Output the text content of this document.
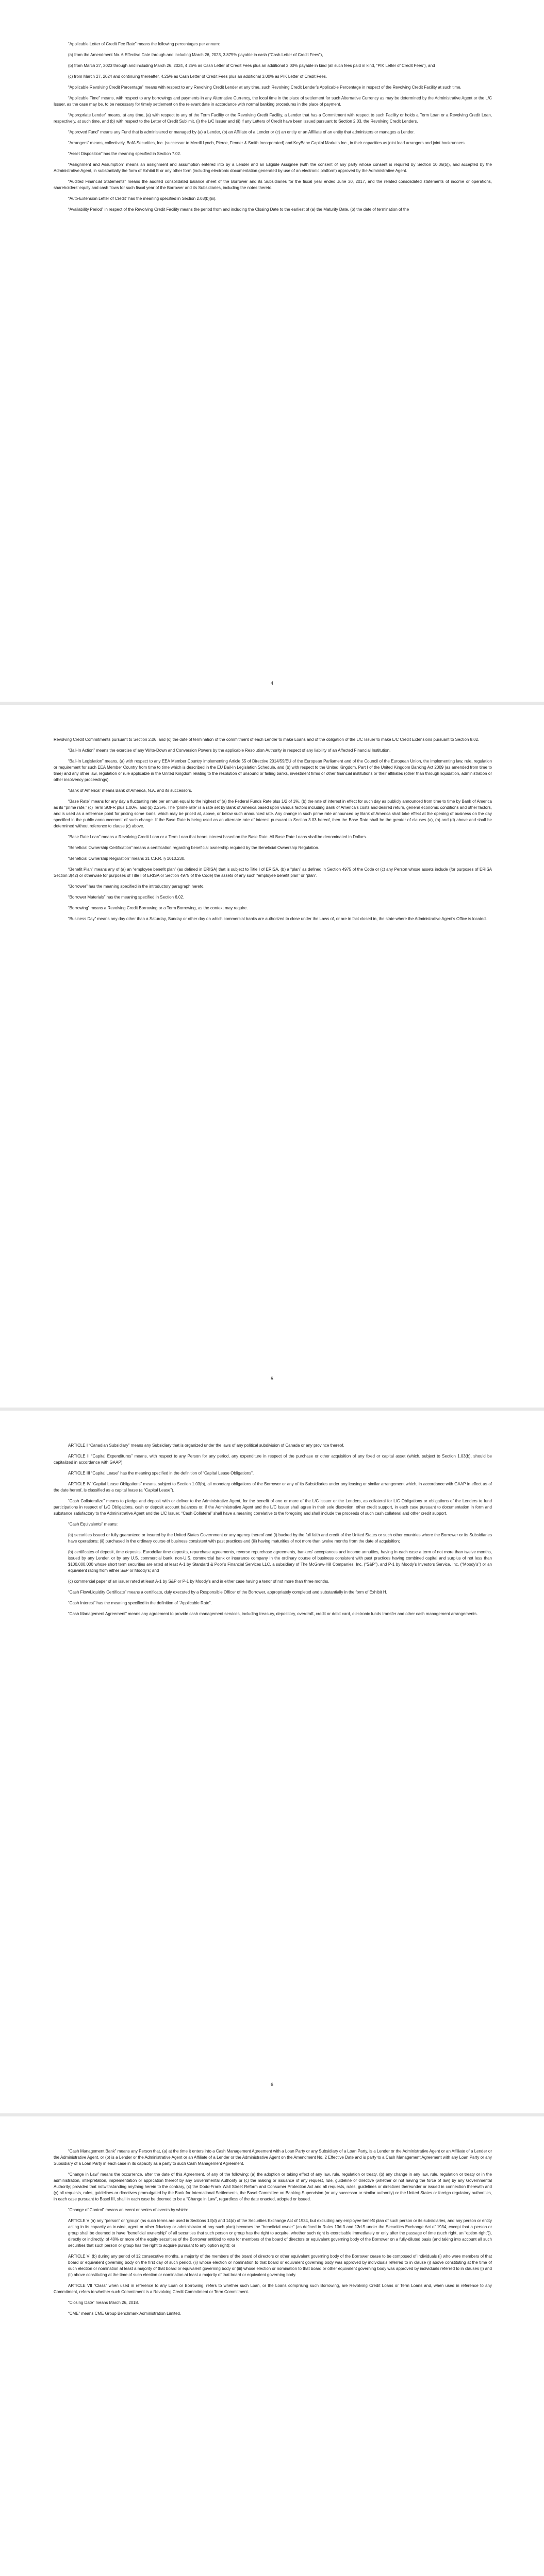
“Applicable Letter of Credit Fee Rate” means the following percentages per annum:

(a) from the Amendment No. 6 Effective Date through and including March 26, 2023, 3.875% payable in cash (“Cash Letter of Credit Fees”),

(b) from March 27, 2023 through and including March 26, 2024, 4.25% as Cash Letter of Credit Fees plus an additional 2.00% payable in kind (all such fees paid in kind, “PIK Letter of Credit Fees”), and

(c) from March 27, 2024 and continuing thereafter, 4.25% as Cash Letter of Credit Fees plus an additional 3.00% as PIK Letter of Credit Fees.

“Applicable Revolving Credit Percentage” means with respect to any Revolving Credit Lender at any time, such Revolving Credit Lender’s Applicable Percentage in respect of the Revolving Credit Facility at such time.

“Applicable Time” means, with respect to any borrowings and payments in any Alternative Currency, the local time in the place of settlement for such Alternative Currency as may be determined by the Administrative Agent or the L/C Issuer, as the case may be, to be necessary for timely settlement on the relevant date in accordance with normal banking procedures in the place of payment.

“Appropriate Lender” means, at any time, (a) with respect to any of the Term Facility or the Revolving Credit Facility, a Lender that has a Commitment with respect to such Facility or holds a Term Loan or a Revolving Credit Loan, respectively, at such time, and (b) with respect to the Letter of Credit Sublimit, (i) the L/C Issuer and (ii) if any Letters of Credit have been issued pursuant to Section 2.03, the Revolving Credit Lenders.

“Approved Fund” means any Fund that is administered or managed by (a) a Lender, (b) an Affiliate of a Lender or (c) an entity or an Affiliate of an entity that administers or manages a Lender.

“Arrangers” means, collectively, BofA Securities, Inc. (successor to Merrill Lynch, Pierce, Fenner & Smith Incorporated) and KeyBanc Capital Markets Inc., in their capacities as joint lead arrangers and joint bookrunners.

“Asset Disposition” has the meaning specified in Section 7.02.

“Assignment and Assumption” means an assignment and assumption entered into by a Lender and an Eligible Assignee (with the consent of any party whose consent is required by Section 10.06(b)), and accepted by the Administrative Agent, in substantially the form of Exhibit E or any other form (including electronic documentation generated by use of an electronic platform) approved by the Administrative Agent.

“Audited Financial Statements” means the audited consolidated balance sheet of the Borrower and its Subsidiaries for the fiscal year ended June 30, 2017, and the related consolidated statements of income or operations, shareholders’ equity and cash flows for such fiscal year of the Borrower and its Subsidiaries, including the notes thereto.

“Auto-Extension Letter of Credit” has the meaning specified in Section 2.03(b)(iii).

“Availability Period” in respect of the Revolving Credit Facility means the period from and including the Closing Date to the earliest of (a) the Maturity Date, (b) the date of termination of the

4

Revolving Credit Commitments pursuant to Section 2.06, and (c) the date of termination of the commitment of each Lender to make Loans and of the obligation of the L/C Issuer to make L/C Credit Extensions pursuant to Section 8.02.

“Bail-In Action” means the exercise of any Write-Down and Conversion Powers by the applicable Resolution Authority in respect of any liability of an Affected Financial Institution.

“Bail-In Legislation” means, (a) with respect to any EEA Member Country implementing Article 55 of Directive 2014/59/EU of the European Parliament and of the Council of the European Union, the implementing law, rule, regulation or requirement for such EEA Member Country from time to time which is described in the EU Bail-In Legislation Schedule, and (b) with respect to the United Kingdom, Part I of the United Kingdom Banking Act 2009 (as amended from time to time) and any other law, regulation or rule applicable in the United Kingdom relating to the resolution of unsound or failing banks, investment firms or other financial institutions or their affiliates (other than through liquidation, administration or other insolvency proceedings).

“Bank of America” means Bank of America, N.A. and its successors.

“Base Rate” means for any day a fluctuating rate per annum equal to the highest of (a) the Federal Funds Rate plus 1/2 of 1%, (b) the rate of interest in effect for such day as publicly announced from time to time by Bank of America as its “prime rate,” (c) Term SOFR plus 1.00%, and (d) 2.25%. The “prime rate” is a rate set by Bank of America based upon various factors including Bank of America’s costs and desired return, general economic conditions and other factors, and is used as a reference point for pricing some loans, which may be priced at, above, or below such announced rate. Any change in such prime rate announced by Bank of America shall take effect at the opening of business on the day specified in the public announcement of such change. If the Base Rate is being used as an alternate rate of interest pursuant to Section 3.03 hereof, then the Base Rate shall be the greater of clauses (a), (b) and (d) above and shall be determined without reference to clause (c) above.

“Base Rate Loan” means a Revolving Credit Loan or a Term Loan that bears interest based on the Base Rate. All Base Rate Loans shall be denominated in Dollars.

“Beneficial Ownership Certification” means a certification regarding beneficial ownership required by the Beneficial Ownership Regulation.

“Beneficial Ownership Regulation” means 31 C.F.R. § 1010.230.

“Benefit Plan” means any of (a) an “employee benefit plan” (as defined in ERISA) that is subject to Title I of ERISA, (b) a “plan” as defined in Section 4975 of the Code or (c) any Person whose assets include (for purposes of ERISA Section 3(42) or otherwise for purposes of Title I of ERISA or Section 4975 of the Code) the assets of any such “employee benefit plan” or “plan”.

“Borrower” has the meaning specified in the introductory paragraph hereto.

“Borrower Materials” has the meaning specified in Section 6.02.

“Borrowing” means a Revolving Credit Borrowing or a Term Borrowing, as the context may require.

“Business Day” means any day other than a Saturday, Sunday or other day on which commercial banks are authorized to close under the Laws of, or are in fact closed in, the state where the Administrative Agent’s Office is located.

5

ARTICLE I “Canadian Subsidiary” means any Subsidiary that is organized under the laws of any political subdivision of Canada or any province thereof.

ARTICLE II “Capital Expenditures” means, with respect to any Person for any period, any expenditure in respect of the purchase or other acquisition of any fixed or capital asset (which, subject to Section 1.03(b), should be capitalized in accordance with GAAP).

ARTICLE III “Capital Lease” has the meaning specified in the definition of “Capital Lease Obligations”.

ARTICLE IV “Capital Lease Obligations” means, subject to Section 1.03(b), all monetary obligations of the Borrower or any of its Subsidiaries under any leasing or similar arrangement which, in accordance with GAAP in effect as of the date hereof, is classified as a capital lease (a “Capital Lease”).

“Cash Collateralize” means to pledge and deposit with or deliver to the Administrative Agent, for the benefit of one or more of the L/C Issuer or the Lenders, as collateral for L/C Obligations or obligations of the Lenders to fund participations in respect of L/C Obligations, cash or deposit account balances or, if the Administrative Agent and the L/C Issuer shall agree in their sole discretion, other credit support, in each case pursuant to documentation in form and substance satisfactory to the Administrative Agent and the L/C Issuer. “Cash Collateral” shall have a meaning correlative to the foregoing and shall include the proceeds of such cash collateral and other credit support.

“Cash Equivalents” means:

(a) securities issued or fully guaranteed or insured by the United States Government or any agency thereof and (i) backed by the full faith and credit of the United States or such other countries where the Borrower or its Subsidiaries have operations; (ii) purchased in the ordinary course of business consistent with past practices and (iii) having maturities of not more than twelve months from the date of acquisition;

(b) certificates of deposit, time deposits, Eurodollar time deposits, repurchase agreements, reverse repurchase agreements, bankers’ acceptances and income annuities, having in each case a term of not more than twelve months, issued by any Lender, or by any U.S. commercial bank, non-U.S. commercial bank or insurance company in the ordinary course of business consistent with past practices having combined capital and surplus of not less than $100,000,000 whose short term securities are rated at least A-1 by Standard & Poor’s Financial Services LLC, a subsidiary of The McGraw-Hill Companies, Inc. (“S&P”), and P-1 by Moody’s Investors Service, Inc. (“Moody’s”) or an equivalent rating from either S&P or Moody’s; and

(c) commercial paper of an issuer rated at least A-1 by S&P or P-1 by Moody’s and in either case having a tenor of not more than three months.

“Cash Flow/Liquidity Certificate” means a certificate, duly executed by a Responsible Officer of the Borrower, appropriately completed and substantially in the form of Exhibit H.

“Cash Interest” has the meaning specified in the definition of “Applicable Rate”.

“Cash Management Agreement” means any agreement to provide cash management services, including treasury, depository, overdraft, credit or debit card, electronic funds transfer and other cash management arrangements.

6

“Cash Management Bank” means any Person that, (a) at the time it enters into a Cash Management Agreement with a Loan Party or any Subsidiary of a Loan Party, is a Lender or the Administrative Agent or an Affiliate of a Lender or the Administrative Agent, or (b) is a Lender or the Administrative Agent or an Affiliate of a Lender or the Administrative Agent on the Amendment No. 2 Effective Date and is party to a Cash Management Agreement with any Loan Party or any Subsidiary of a Loan Party in each case in its capacity as a party to such Cash Management Agreement.

“Change in Law” means the occurrence, after the date of this Agreement, of any of the following: (a) the adoption or taking effect of any law, rule, regulation or treaty, (b) any change in any law, rule, regulation or treaty or in the administration, interpretation, implementation or application thereof by any Governmental Authority or (c) the making or issuance of any request, rule, guideline or directive (whether or not having the force of law) by any Governmental Authority; provided that notwithstanding anything herein to the contrary, (x) the Dodd-Frank Wall Street Reform and Consumer Protection Act and all requests, rules, guidelines or directives thereunder or issued in connection therewith and (y) all requests, rules, guidelines or directives promulgated by the Bank for International Settlements, the Basel Committee on Banking Supervision (or any successor or similar authority) or the United States or foreign regulatory authorities, in each case pursuant to Basel III, shall in each case be deemed to be a “Change in Law”, regardless of the date enacted, adopted or issued.

“Change of Control” means an event or series of events by which:

ARTICLE V (a) any “person” or “group” (as such terms are used in Sections 13(d) and 14(d) of the Securities Exchange Act of 1934, but excluding any employee benefit plan of such person or its subsidiaries, and any person or entity acting in its capacity as trustee, agent or other fiduciary or administrator of any such plan) becomes the “beneficial owner” (as defined in Rules 13d-3 and 13d-5 under the Securities Exchange Act of 1934, except that a person or group shall be deemed to have “beneficial ownership” of all securities that such person or group has the right to acquire, whether such right is exercisable immediately or only after the passage of time (such right, an “option right”)), directly or indirectly, of 40% or more of the equity securities of the Borrower entitled to vote for members of the board of directors or equivalent governing body of the Borrower on a fully-diluted basis (and taking into account all such securities that such person or group has the right to acquire pursuant to any option right); or

ARTICLE VI (b) during any period of 12 consecutive months, a majority of the members of the board of directors or other equivalent governing body of the Borrower cease to be composed of individuals (i) who were members of that board or equivalent governing body on the first day of such period, (ii) whose election or nomination to that board or equivalent governing body was approved by individuals referred to in clause (i) above constituting at the time of such election or nomination at least a majority of that board or equivalent governing body or (iii) whose election or nomination to that board or other equivalent governing body was approved by individuals referred to in clauses (i) and (ii) above constituting at the time of such election or nomination at least a majority of that board or equivalent governing body.

ARTICLE VII “Class” when used in reference to any Loan or Borrowing, refers to whether such Loan, or the Loans comprising such Borrowing, are Revolving Credit Loans or Term Loans and, when used in reference to any Commitment, refers to whether such Commitment is a Revolving Credit Commitment or Term Commitment.

“Closing Date” means March 26, 2018.

“CME” means CME Group Benchmark Administration Limited.
